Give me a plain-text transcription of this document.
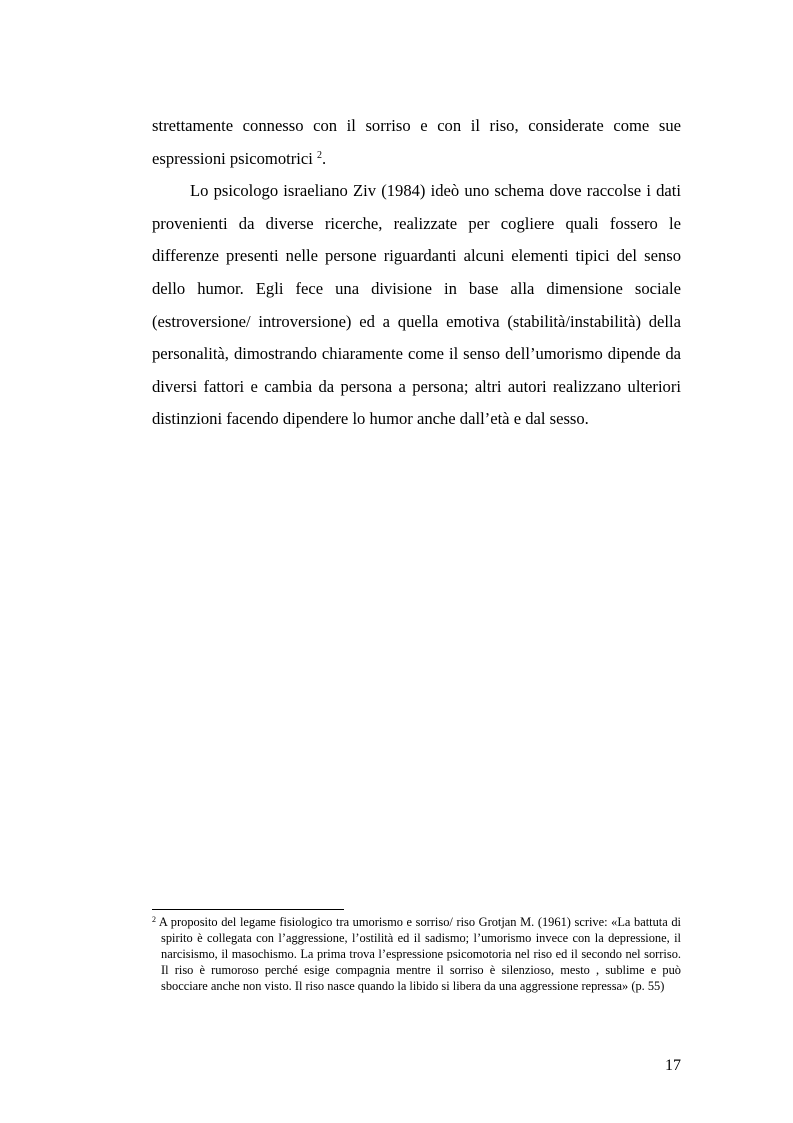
strettamente connesso con il sorriso e con il riso, considerate come sue espressioni psicomotrici $^2$.

Lo psicologo israeliano Ziv (1984) ideò uno schema dove raccolse i dati provenienti da diverse ricerche, realizzate per cogliere quali fossero le differenze presenti nelle persone riguardanti alcuni elementi tipici del senso dello humor. Egli fece una divisione in base alla dimensione sociale (estroversione/ introversione) ed a quella emotiva (stabilità/instabilità) della personalità, dimostrando chiaramente come il senso dell’umorismo dipende da diversi fattori e cambia da persona a persona; altri autori realizzano ulteriori distinzioni facendo dipendere lo humor anche dall’età e dal sesso.

$^2$ A proposito del legame fisiologico tra umorismo e sorriso/ riso Grotjan M. (1961) scrive: «La battuta di spirito è collegata con l’aggressione, l’ostilità ed il sadismo; l’umorismo invece con la depressione, il narcisismo, il masochismo. La prima trova l’espressione psicomotoria nel riso ed il secondo nel sorriso. Il riso è rumoroso perché esige compagnia mentre il sorriso è silenzioso, mesto , sublime e può sbocciare anche non visto. Il riso nasce quando la libido si libera da una aggressione repressa» (p. 55)
17
